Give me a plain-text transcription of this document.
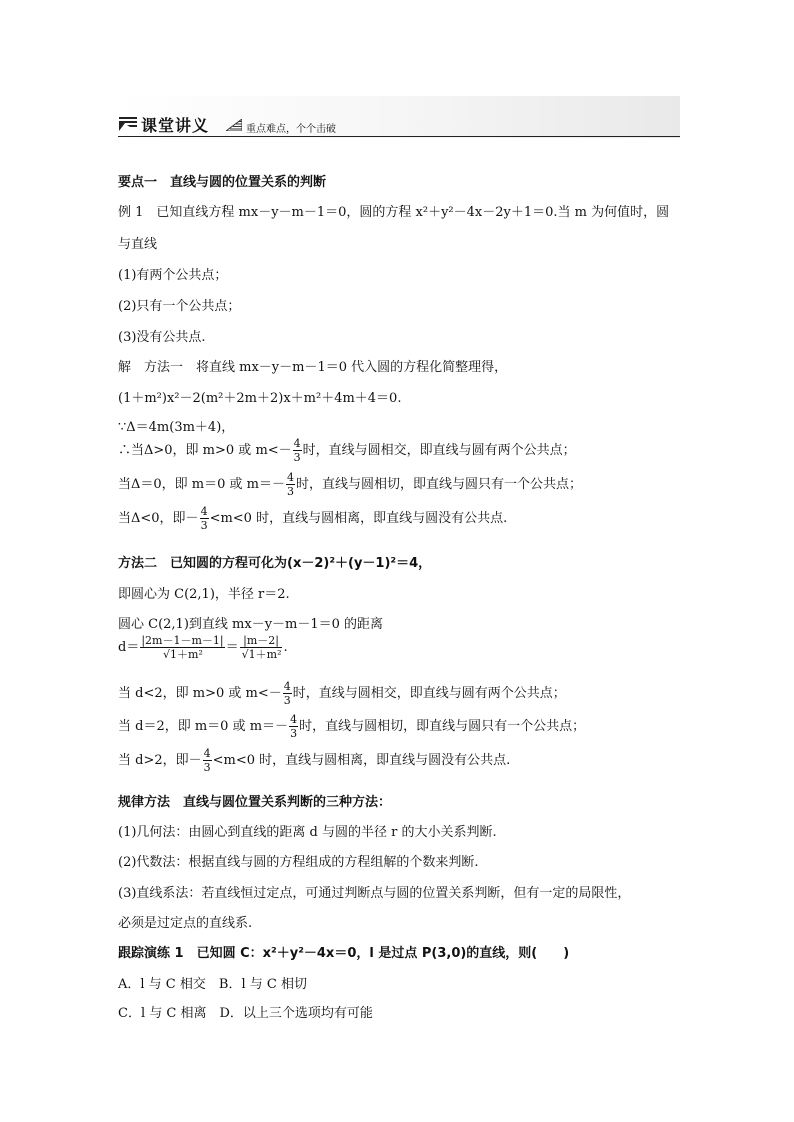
课堂讲义	重点难点，个个击破
要点一　直线与圆的位置关系的判断
例 1　已知直线方程 mx－y－m－1＝0，圆的方程 x²＋y²－4x－2y＋1＝0.当 m 为何值时，圆
与直线
(1)有两个公共点；
(2)只有一个公共点；
(3)没有公共点.
解　方法一　将直线 mx－y－m－1＝0 代入圆的方程化简整理得，
(1＋m²)x²－2(m²＋2m＋2)x＋m²＋4m＋4＝0.
∵Δ＝4m(3m＋4)，
∴当Δ>0，即 m>0 或 $m<- \frac{4}{3}$ 时，直线与圆相交，即直线与圆有两个公共点；
当Δ＝0，即 m＝0 或 $m=- \frac{4}{3}$ 时，直线与圆相切，即直线与圆只有一个公共点；
当Δ<0，即－ $\frac{4}{3} <m<0$ 时，直线与圆相离，即直线与圆没有公共点.
方法二　已知圆的方程可化为(x－2)²＋(y－1)²＝4，
即圆心为 C(2,1)，半径 r＝2.
圆心 C(2,1)到直线 mx－y－m－1＝0 的距离
$d= \frac{|2m-1-m-1|}{\text{√1＋m²}} = \frac{|m-2|}{\text{√1＋m²}}$ .
当 d<2，即 m>0 或 $m<- \frac{4}{3}$ 时，直线与圆相交，即直线与圆有两个公共点；
当 d＝2，即 m＝0 或 $m=- \frac{4}{3}$ 时，直线与圆相切，即直线与圆只有一个公共点；
当 d>2，即－ $\frac{4}{3} <m<0$ 时，直线与圆相离，即直线与圆没有公共点.
规律方法　直线与圆位置关系判断的三种方法：
(1)几何法：由圆心到直线的距离 d 与圆的半径 r 的大小关系判断.
(2)代数法：根据直线与圆的方程组成的方程组解的个数来判断.
(3)直线系法：若直线恒过定点，可通过判断点与圆的位置关系判断，但有一定的局限性，
必须是过定点的直线系.
跟踪演练 1　已知圆 C：x²＋y²－4x＝0，l 是过点 P(3,0)的直线，则(　　)
A．l 与 C 相交　B．l 与 C 相切
C．l 与 C 相离　D．以上三个选项均有可能
